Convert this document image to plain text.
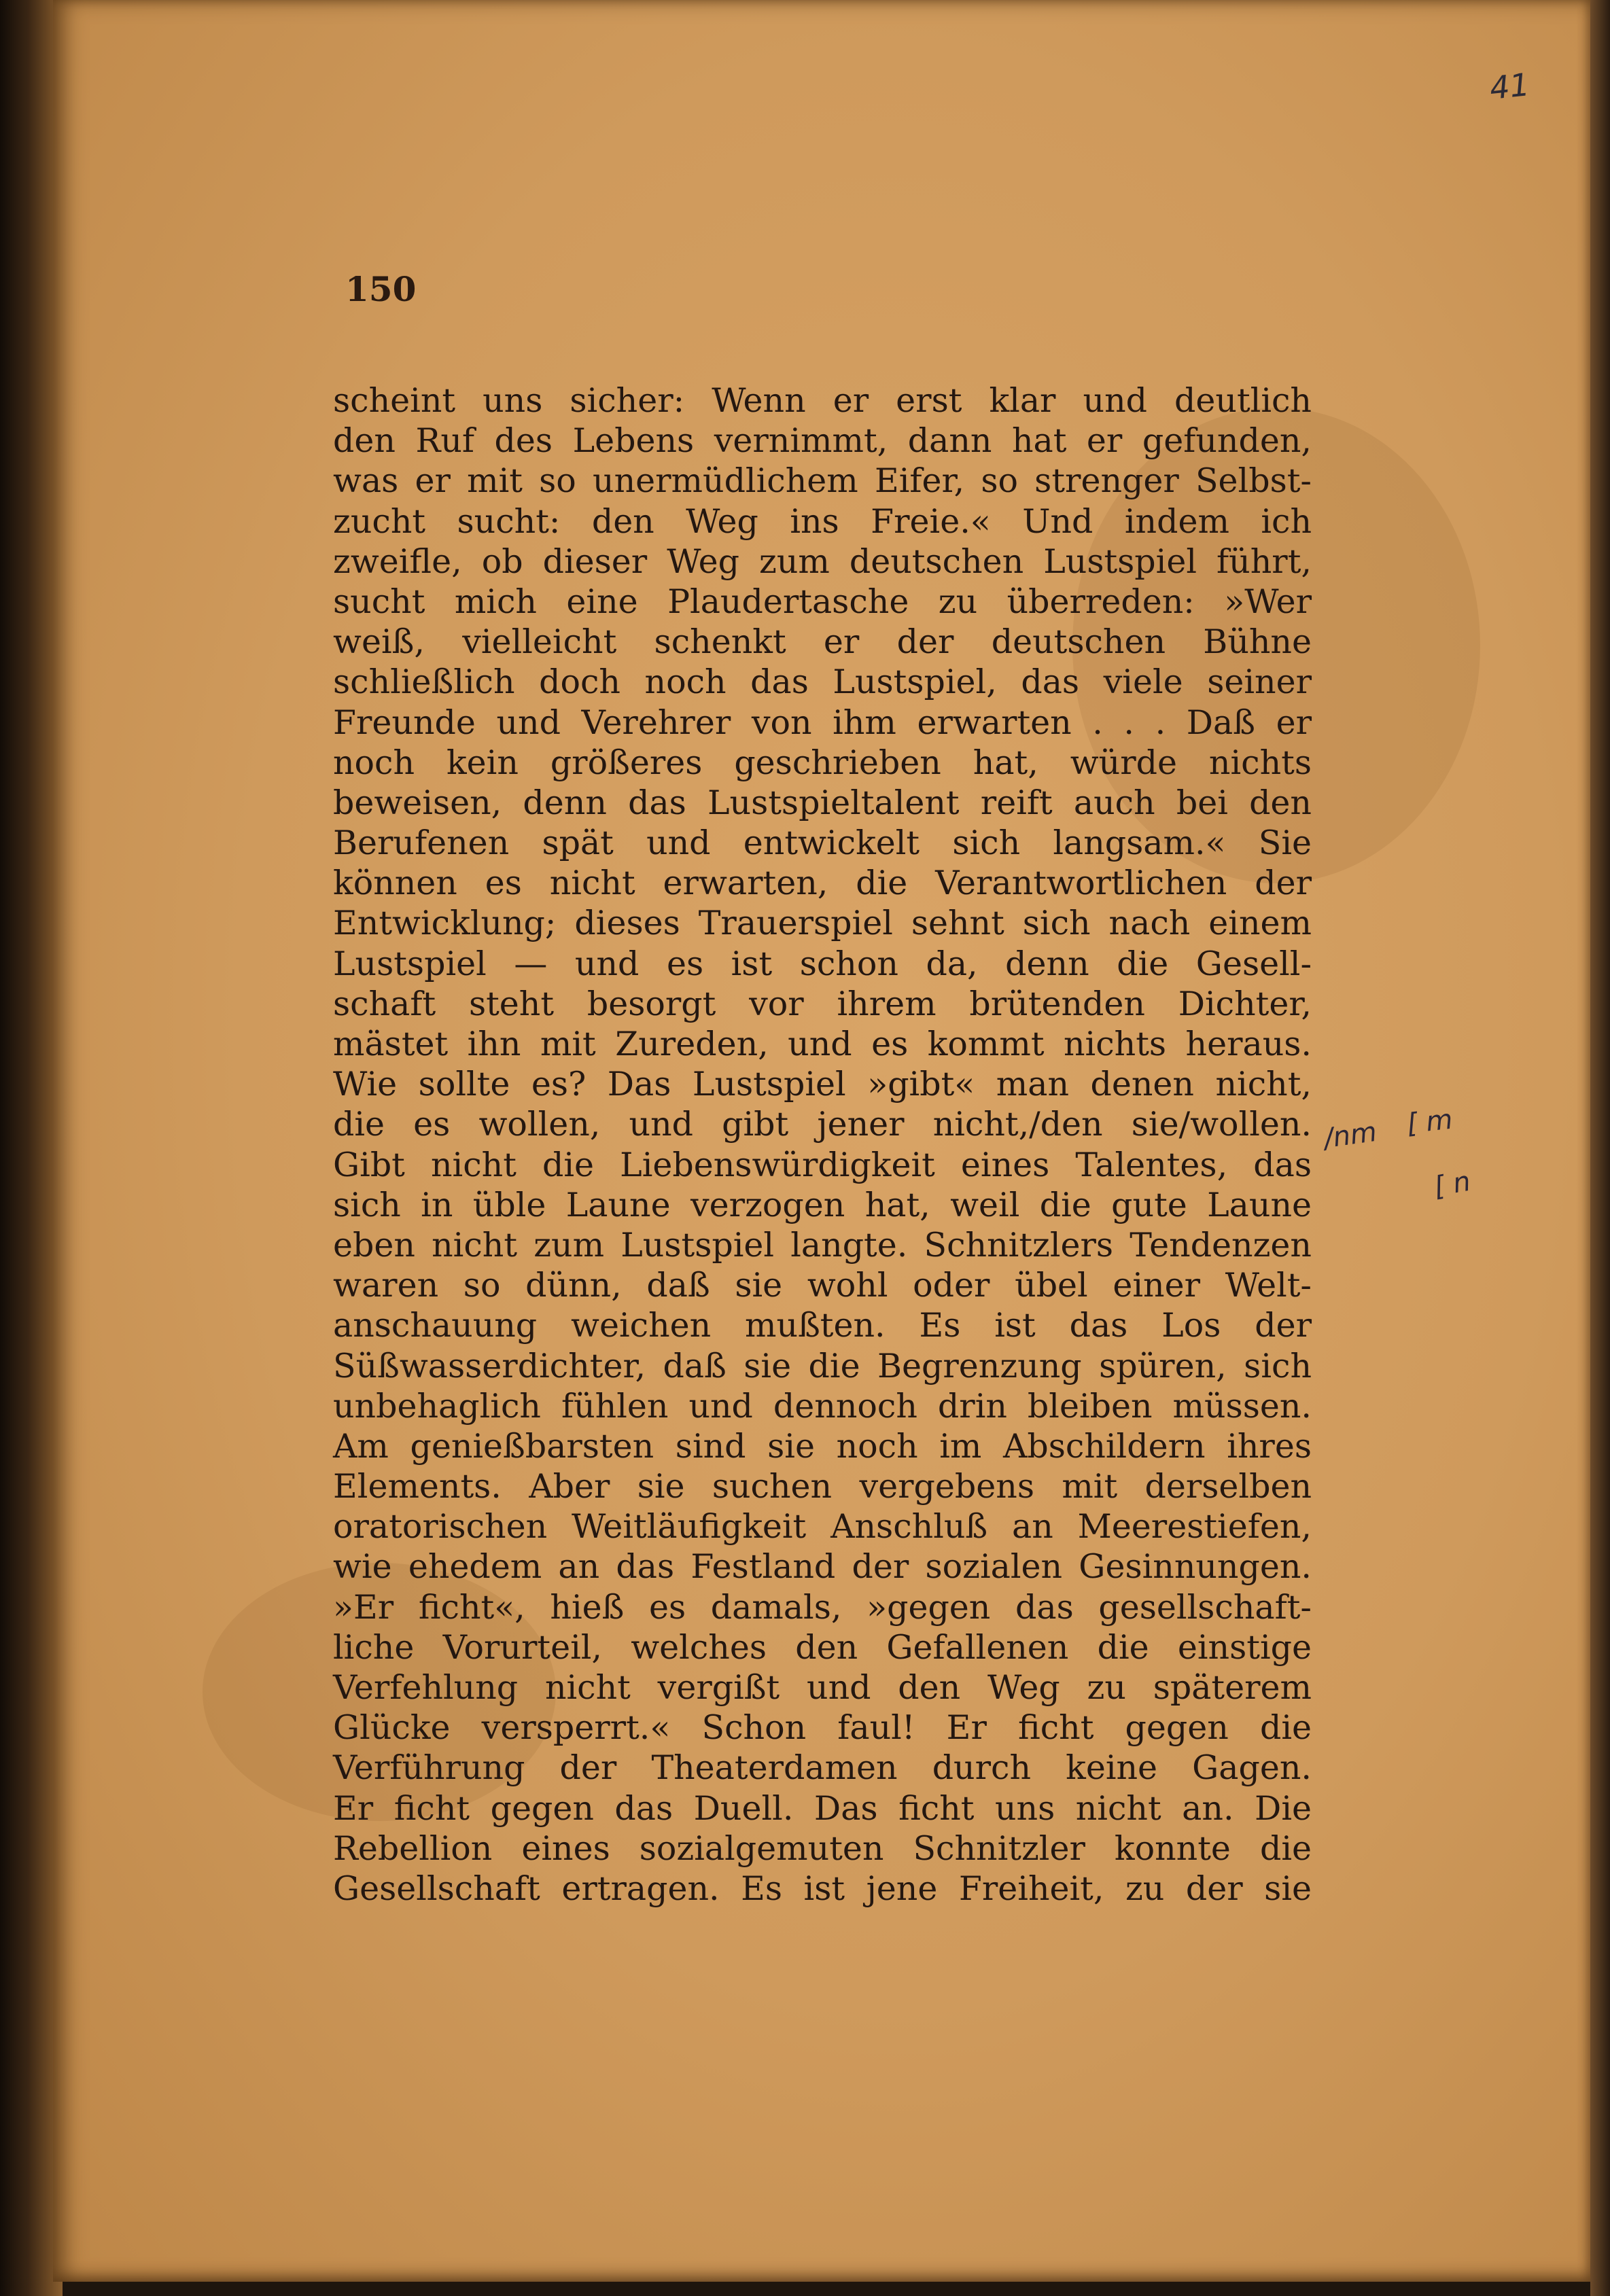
41
150
scheint uns sicher: Wenn er erst klar und deutlich
den Ruf des Lebens vernimmt, dann hat er gefunden,
was er mit so unermüdlichem Eifer, so strenger Selbst-
zucht sucht: den Weg ins Freie.« Und indem ich
zweifle, ob dieser Weg zum deutschen Lustspiel führt,
sucht mich eine Plaudertasche zu überreden: »Wer
weiß, vielleicht schenkt er der deutschen Bühne
schließlich doch noch das Lustspiel, das viele seiner
Freunde und Verehrer von ihm erwarten . . . Daß er
noch kein größeres geschrieben hat, würde nichts
beweisen, denn das Lustspieltalent reift auch bei den
Berufenen spät und entwickelt sich langsam.« Sie
können es nicht erwarten, die Verantwortlichen der
Entwicklung; dieses Trauerspiel sehnt sich nach einem
Lustspiel — und es ist schon da, denn die Gesell-
schaft steht besorgt vor ihrem brütenden Dichter,
mästet ihn mit Zureden, und es kommt nichts heraus.
Wie sollte es? Das Lustspiel »gibt« man denen nicht,
die es wollen, und gibt jener nicht,/den sie/wollen.
Gibt nicht die Liebenswürdigkeit eines Talentes, das
sich in üble Laune verzogen hat, weil die gute Laune
eben nicht zum Lustspiel langte. Schnitzlers Tendenzen
waren so dünn, daß sie wohl oder übel einer Welt-
anschauung weichen mußten. Es ist das Los der
Süßwasserdichter, daß sie die Begrenzung spüren, sich
unbehaglich fühlen und dennoch drin bleiben müssen.
Am genießbarsten sind sie noch im Abschildern ihres
Elements. Aber sie suchen vergebens mit derselben
oratorischen Weitläufigkeit Anschluß an Meerestiefen,
wie ehedem an das Festland der sozialen Gesinnungen.
»Er ficht«, hieß es damals, »gegen das gesellschaft-
liche Vorurteil, welches den Gefallenen die einstige
Verfehlung nicht vergißt und den Weg zu späterem
Glücke versperrt.« Schon faul! Er ficht gegen die
Verführung der Theaterdamen durch keine Gagen.
Er ficht gegen das Duell. Das ficht uns nicht an. Die
Rebellion eines sozialgemuten Schnitzler konnte die
Gesellschaft ertragen. Es ist jene Freiheit, zu der sie
/nm [ m
[ n
